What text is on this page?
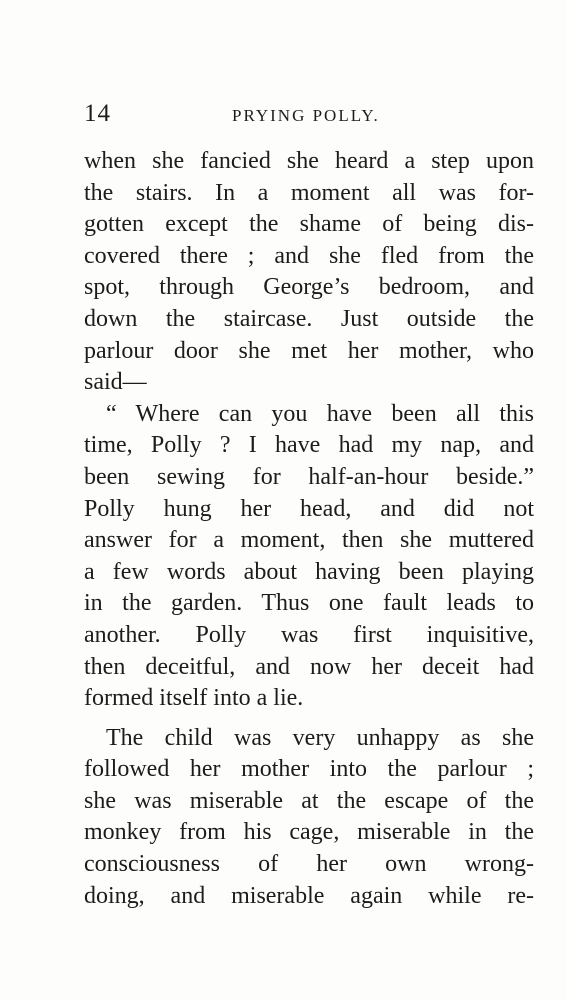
14	PRYING POLLY.
when she fancied she heard a step upon
the stairs. In a moment all was for-
gotten except the shame of being dis-
covered there ; and she fled from the
spot, through George’s bedroom, and
down the staircase. Just outside the
parlour door she met her mother, who
said—
“ Where can you have been all this
time, Polly ? I have had my nap, and
been sewing for half-an-hour beside.”
Polly hung her head, and did not
answer for a moment, then she muttered
a few words about having been playing
in the garden. Thus one fault leads to
another. Polly was first inquisitive,
then deceitful, and now her deceit had
formed itself into a lie.
The child was very unhappy as she
followed her mother into the parlour ;
she was miserable at the escape of the
monkey from his cage, miserable in the
consciousness of her own wrong-
doing, and miserable again while re-
